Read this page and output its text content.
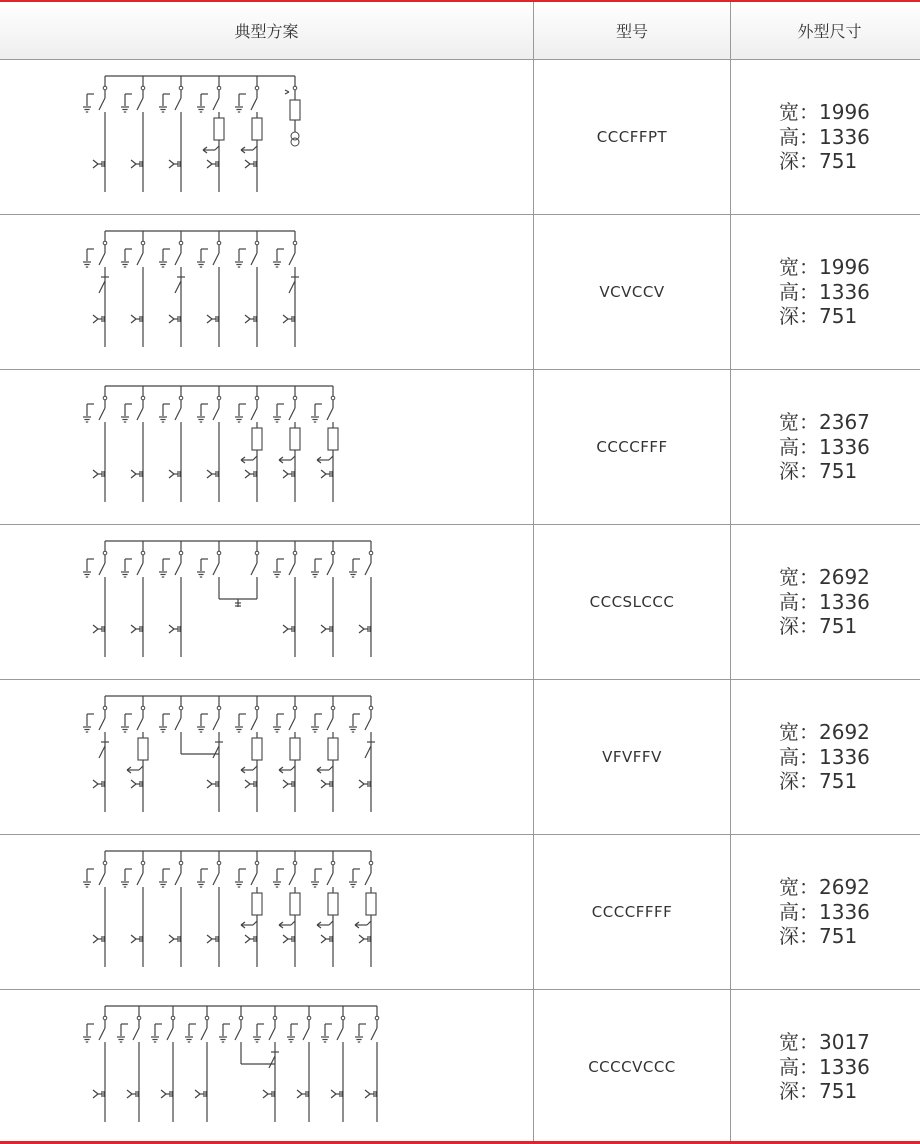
典型方案	型号	外型尺寸

	CCCFFPT	宽：1996
高：1336
深：751

	VCVCCV	宽：1996
高：1336
深：751

	CCCCFFF	宽：2367
高：1336
深：751

	CCCSLCCC	宽：2692
高：1336
深：751

	VFVFFV	宽：2692
高：1336
深：751

	CCCCFFFF	宽：2692
高：1336
深：751

	CCCCVCCC	宽：3017
高：1336
深：751
